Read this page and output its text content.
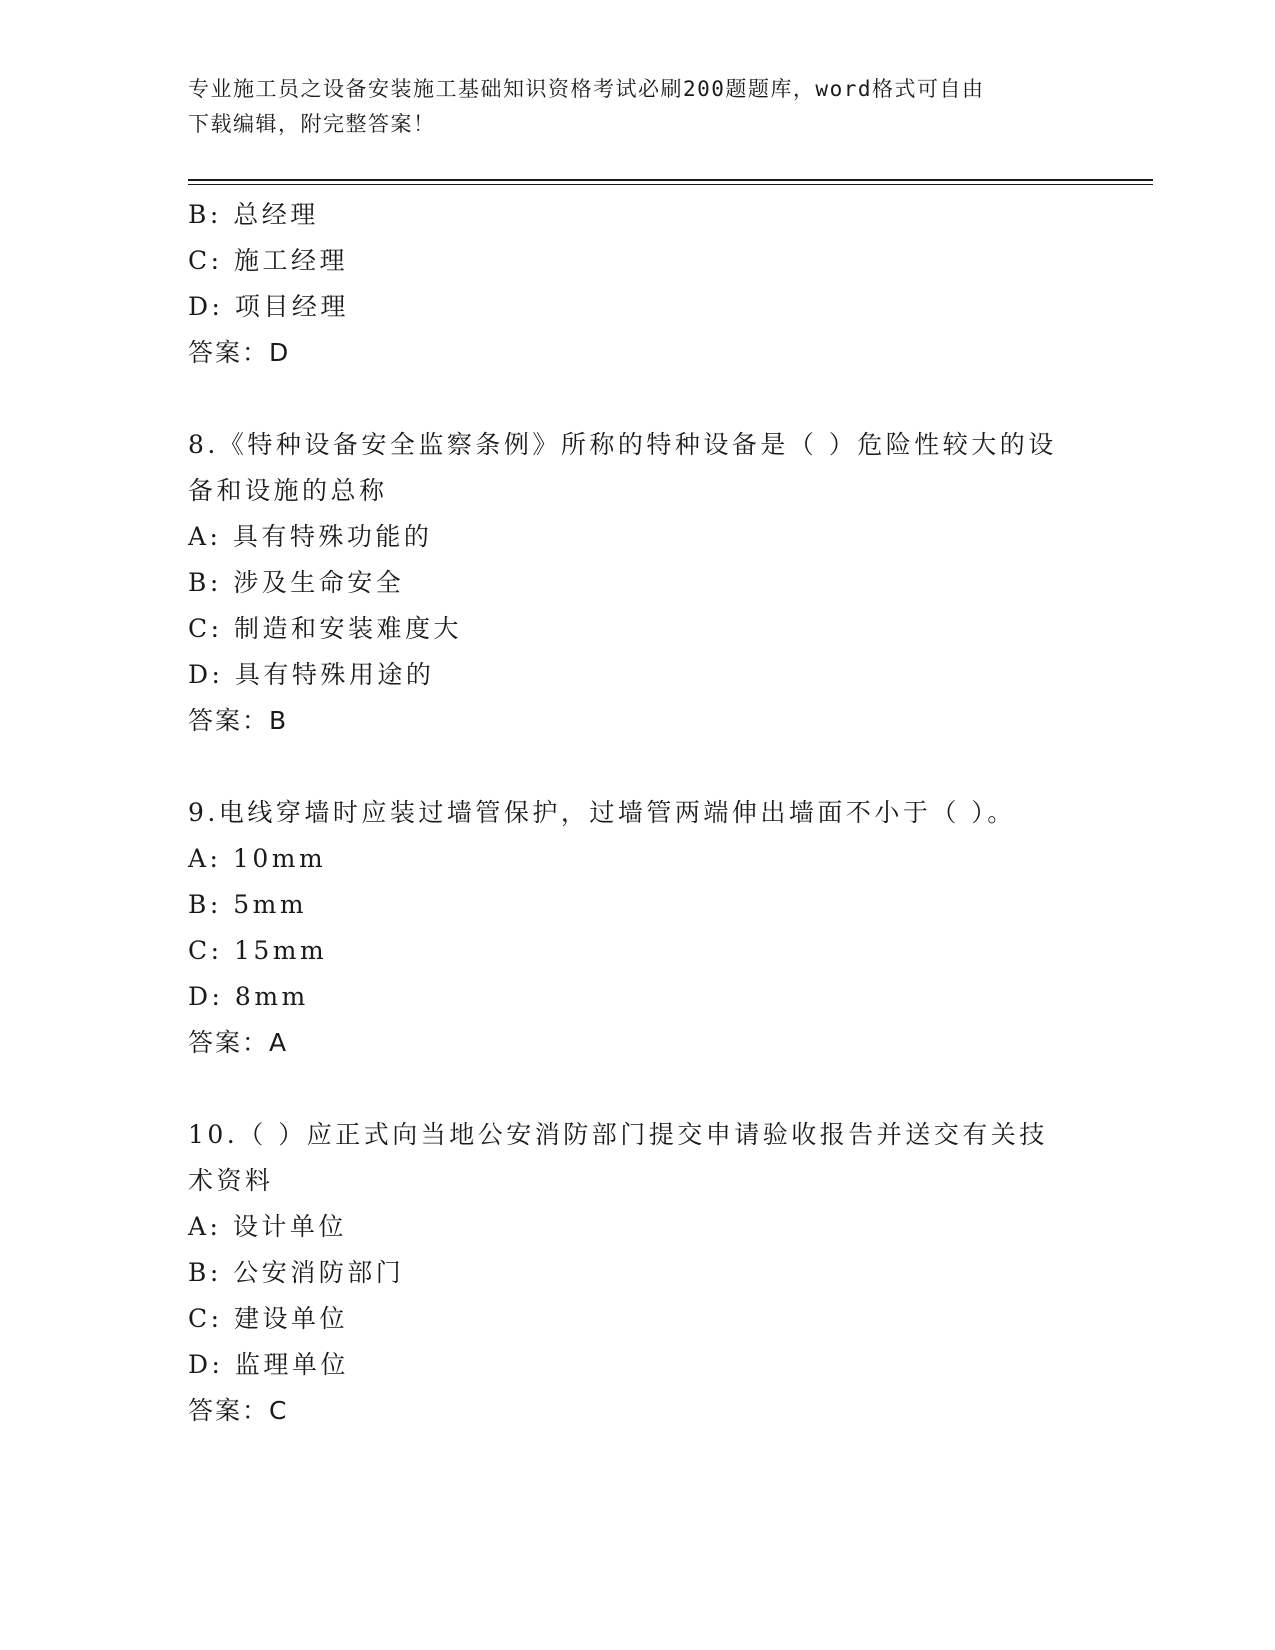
专业施工员之设备安装施工基础知识资格考试必刷200题题库，word格式可自由
下载编辑，附完整答案！
B: 总经理
C: 施工经理
D: 项目经理
答案：D
8.《特种设备安全监察条例》所称的特种设备是（ ）危险性较大的设
备和设施的总称
A: 具有特殊功能的
B: 涉及生命安全
C: 制造和安装难度大
D: 具有特殊用途的
答案：B
9.电线穿墙时应装过墙管保护，过墙管两端伸出墙面不小于（ ）。
A: 10mm
B: 5mm
C: 15mm
D: 8mm
答案：A
10.（ ）应正式向当地公安消防部门提交申请验收报告并送交有关技
术资料
A: 设计单位
B: 公安消防部门
C: 建设单位
D: 监理单位
答案：C
